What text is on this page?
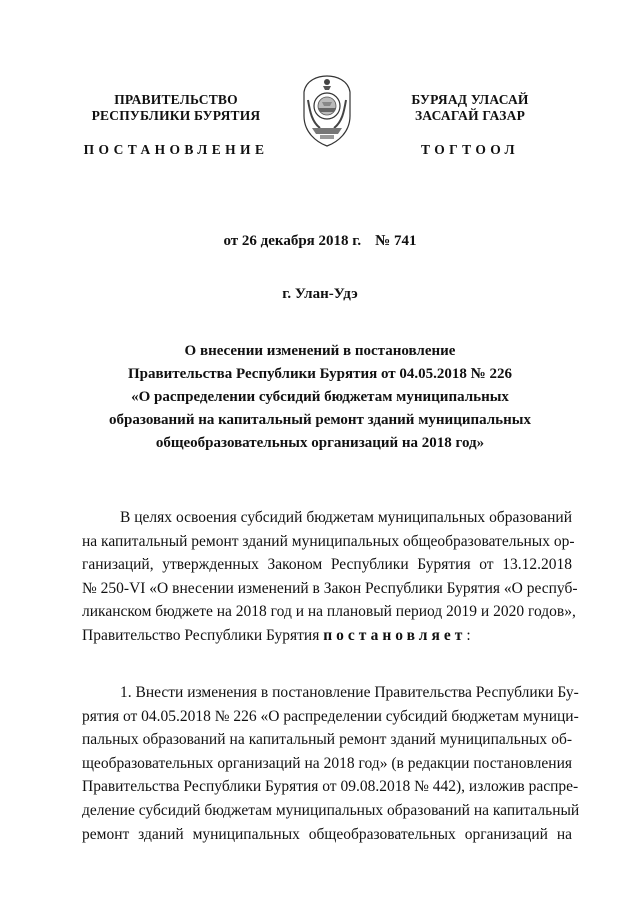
ПРАВИТЕЛЬСТВО
РЕСПУБЛИКИ БУРЯТИЯ
БУРЯАД УЛАСАЙ
ЗАСАГАЙ ГАЗАР
ПОСТАНОВЛЕНИЕ	ТОГТООЛ
от 26 декабря 2018 г. № 741
г. Улан-Удэ
О внесении изменений в постановление
Правительства Республики Бурятия от 04.05.2018 № 226
«О распределении субсидий бюджетам муниципальных
образований на капитальный ремонт зданий муниципальных
общеобразовательных организаций на 2018 год»
В целях освоения субсидий бюджетам муниципальных образований
на капитальный ремонт зданий муниципальных общеобразовательных ор-
ганизаций, утвержденных Законом Республики Бурятия от 13.12.2018
№ 250-VI «О внесении изменений в Закон Республики Бурятия «О респуб-
ликанском бюджете на 2018 год и на плановый период 2019 и 2020 годов»,
Правительство Республики Бурятия постановляет:
1. Внести изменения в постановление Правительства Республики Бу-
рятия от 04.05.2018 № 226 «О распределении субсидий бюджетам муници-
пальных образований на капитальный ремонт зданий муниципальных об-
щеобразовательных организаций на 2018 год» (в редакции постановления
Правительства Республики Бурятия от 09.08.2018 № 442), изложив распре-
деление субсидий бюджетам муниципальных образований на капитальный
ремонт зданий муниципальных общеобразовательных организаций на
